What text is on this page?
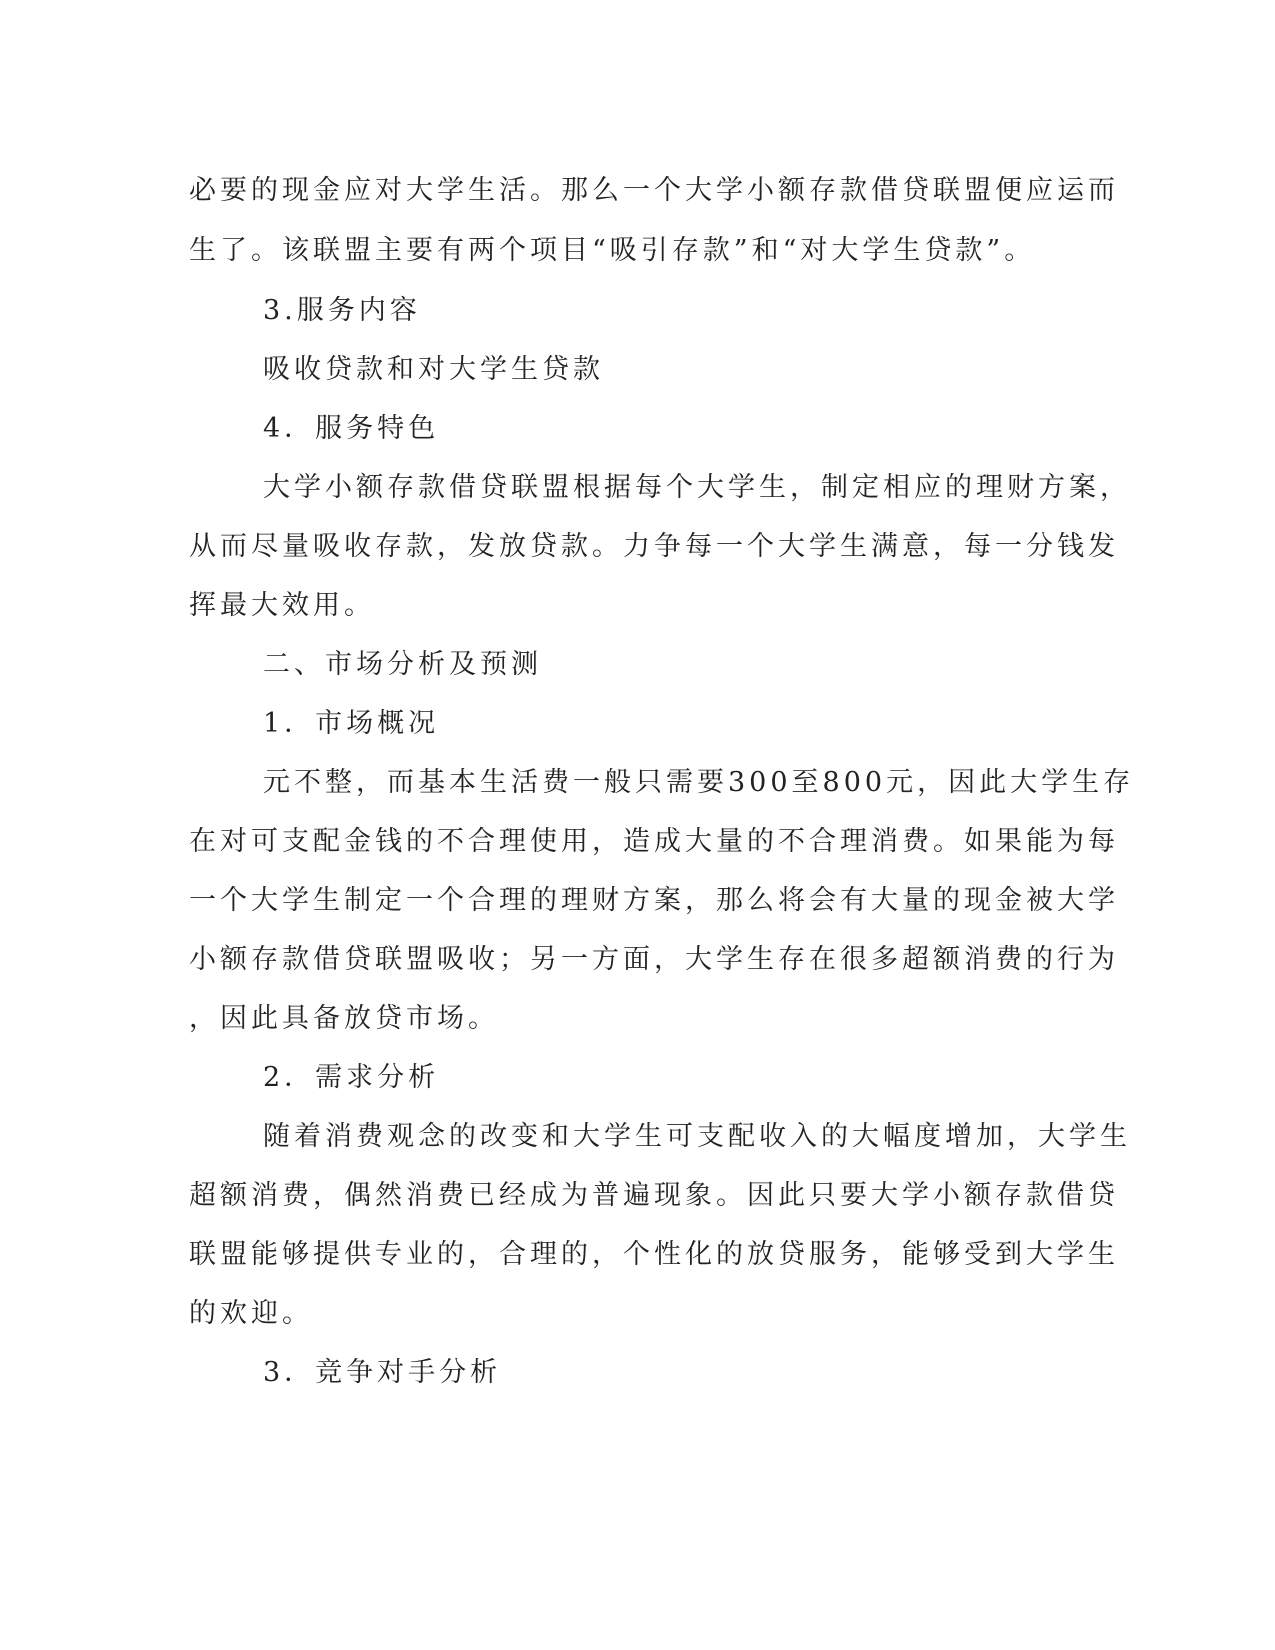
必要的现金应对大学生活。那么一个大学小额存款借贷联盟便应运而
生了。该联盟主要有两个项目“吸引存款”和“对大学生贷款”。
3.服务内容
吸收贷款和对大学生贷款
4．服务特色
大学小额存款借贷联盟根据每个大学生，制定相应的理财方案，
从而尽量吸收存款，发放贷款。力争每一个大学生满意，每一分钱发
挥最大效用。
二、市场分析及预测
1．市场概况
元不整，而基本生活费一般只需要300至800元，因此大学生存
在对可支配金钱的不合理使用，造成大量的不合理消费。如果能为每
一个大学生制定一个合理的理财方案，那么将会有大量的现金被大学
小额存款借贷联盟吸收；另一方面，大学生存在很多超额消费的行为
，因此具备放贷市场。
2．需求分析
随着消费观念的改变和大学生可支配收入的大幅度增加，大学生
超额消费，偶然消费已经成为普遍现象。因此只要大学小额存款借贷
联盟能够提供专业的，合理的，个性化的放贷服务，能够受到大学生
的欢迎。
3．竞争对手分析
